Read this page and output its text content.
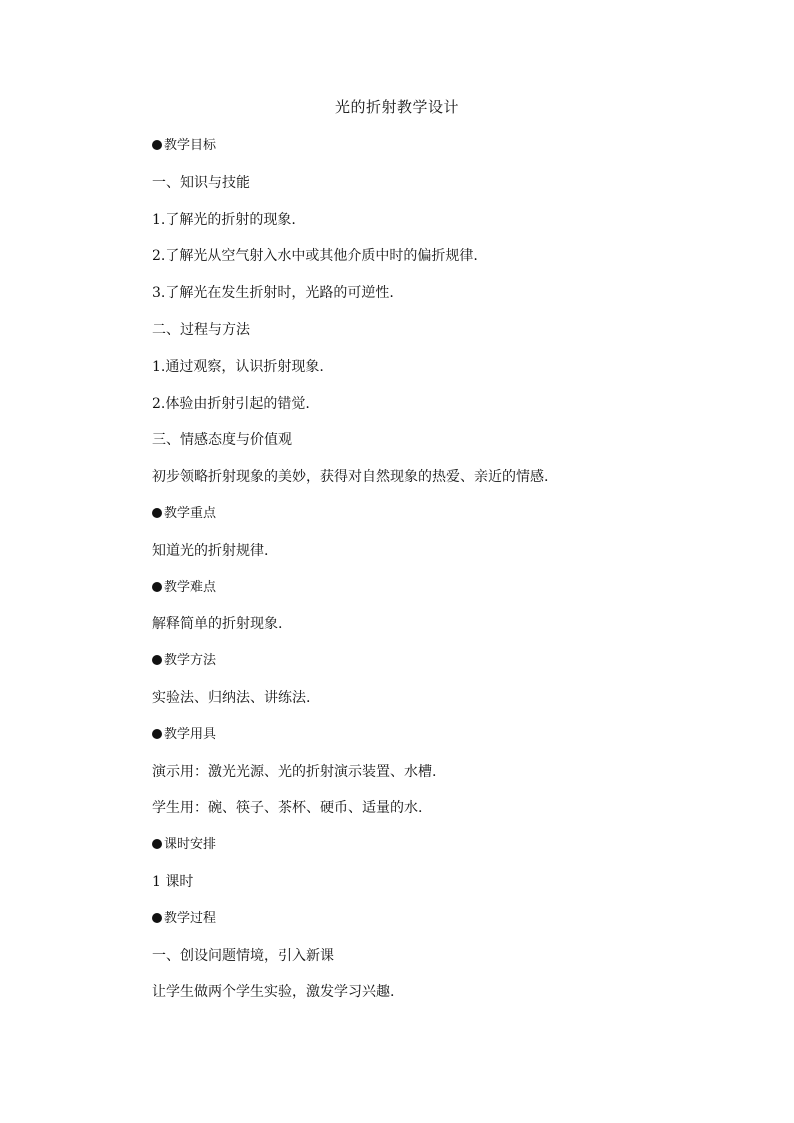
光的折射教学设计
教学目标
一、知识与技能
1.了解光的折射的现象.
2.了解光从空气射入水中或其他介质中时的偏折规律.
3.了解光在发生折射时，光路的可逆性.
二、过程与方法
1.通过观察，认识折射现象.
2.体验由折射引起的错觉.
三、情感态度与价值观
初步领略折射现象的美妙，获得对自然现象的热爱、亲近的情感.
教学重点
知道光的折射规律.
教学难点
解释简单的折射现象.
教学方法
实验法、归纳法、讲练法.
教学用具
演示用：激光光源、光的折射演示装置、水槽.
学生用：碗、筷子、茶杯、硬币、适量的水.
课时安排
1 课时
教学过程
一、创设问题情境，引入新课
让学生做两个学生实验，激发学习兴趣.
